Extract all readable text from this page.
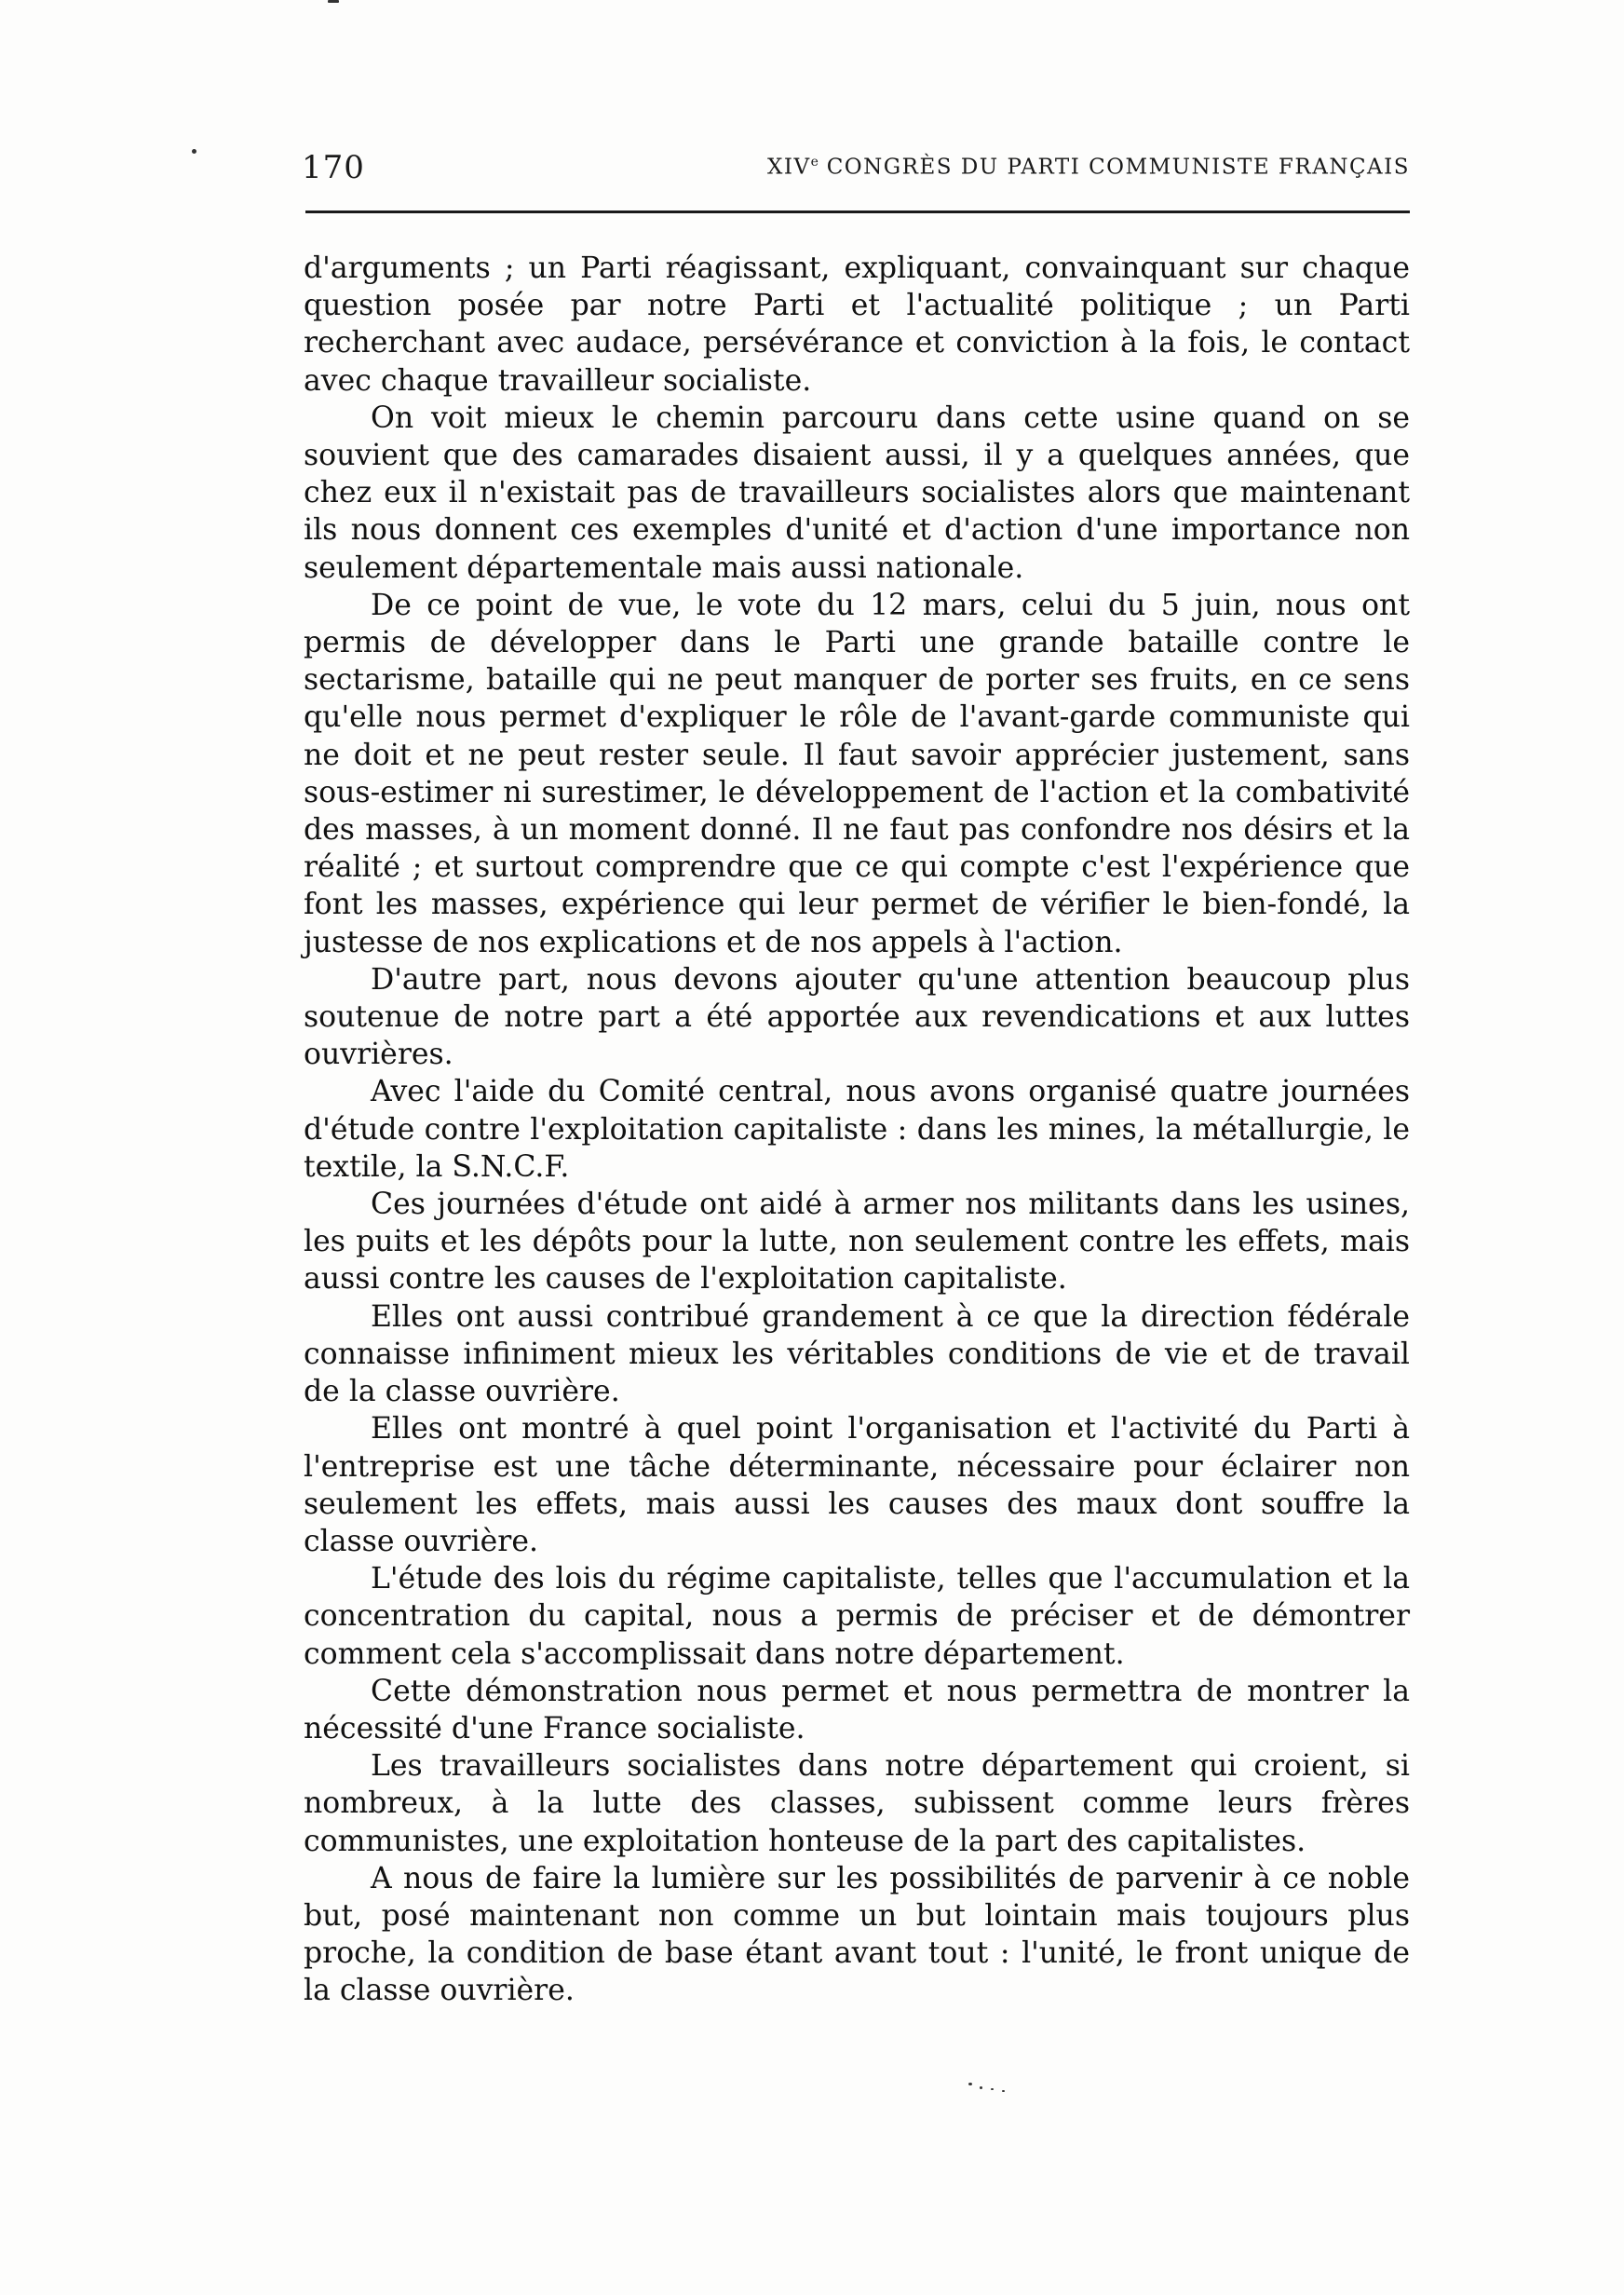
170	XIVe CONGRÈS DU PARTI COMMUNISTE FRANÇAIS

d'arguments ; un Parti réagissant, expliquant, convainquant sur chaque question posée par notre Parti et l'actualité politique ; un Parti recherchant avec audace, persévérance et conviction à la fois, le contact avec chaque travailleur socialiste.

On voit mieux le chemin parcouru dans cette usine quand on se souvient que des camarades disaient aussi, il y a quelques années, que chez eux il n'existait pas de travailleurs socialistes alors que maintenant ils nous donnent ces exemples d'unité et d'action d'une importance non seulement départementale mais aussi nationale.

De ce point de vue, le vote du 12 mars, celui du 5 juin, nous ont permis de développer dans le Parti une grande bataille contre le sectarisme, bataille qui ne peut manquer de porter ses fruits, en ce sens qu'elle nous permet d'expliquer le rôle de l'avant-garde communiste qui ne doit et ne peut rester seule. Il faut savoir apprécier justement, sans sous-estimer ni surestimer, le développement de l'action et la combativité des masses, à un moment donné. Il ne faut pas confondre nos désirs et la réalité ; et surtout comprendre que ce qui compte c'est l'expérience que font les masses, expérience qui leur permet de vérifier le bien-fondé, la justesse de nos explications et de nos appels à l'action.

D'autre part, nous devons ajouter qu'une attention beaucoup plus soutenue de notre part a été apportée aux revendications et aux luttes ouvrières.

Avec l'aide du Comité central, nous avons organisé quatre journées d'étude contre l'exploitation capitaliste : dans les mines, la métallurgie, le textile, la S.N.C.F.

Ces journées d'étude ont aidé à armer nos militants dans les usines, les puits et les dépôts pour la lutte, non seulement contre les effets, mais aussi contre les causes de l'exploitation capitaliste.

Elles ont aussi contribué grandement à ce que la direction fédérale connaisse infiniment mieux les véritables conditions de vie et de travail de la classe ouvrière.

Elles ont montré à quel point l'organisation et l'activité du Parti à l'entreprise est une tâche déterminante, nécessaire pour éclairer non seulement les effets, mais aussi les causes des maux dont souffre la classe ouvrière.

L'étude des lois du régime capitaliste, telles que l'accumulation et la concentration du capital, nous a permis de préciser et de démontrer comment cela s'accomplissait dans notre département.

Cette démonstration nous permet et nous permettra de montrer la nécessité d'une France socialiste.

Les travailleurs socialistes dans notre département qui croient, si nombreux, à la lutte des classes, subissent comme leurs frères communistes, une exploitation honteuse de la part des capitalistes.

A nous de faire la lumière sur les possibilités de parvenir à ce noble but, posé maintenant non comme un but lointain mais toujours plus proche, la condition de base étant avant tout : l'unité, le front unique de la classe ouvrière.
